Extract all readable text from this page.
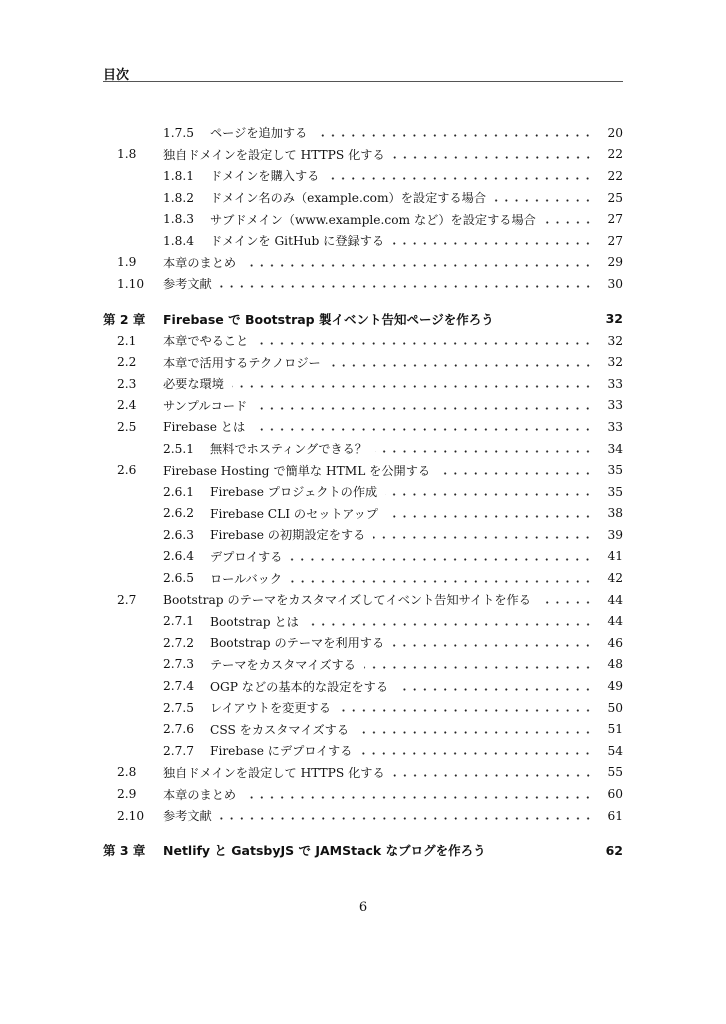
目次
1.7.5	ページを追加する	20
1.8	独自ドメインを設定して HTTPS 化する	22
1.8.1	ドメインを購入する	22
1.8.2	ドメイン名のみ（example.com）を設定する場合	25
1.8.3	サブドメイン（www.example.com など）を設定する場合	27
1.8.4	ドメインを GitHub に登録する	27
1.9	本章のまとめ	29
1.10	参考文献	30
第 2 章	Firebase で Bootstrap 製イベント告知ページを作ろう	32
2.1	本章でやること	32
2.2	本章で活用するテクノロジー	32
2.3	必要な環境	33
2.4	サンプルコード	33
2.5	Firebase とは	33
2.5.1	無料でホスティングできる？	34
2.6	Firebase Hosting で簡単な HTML を公開する	35
2.6.1	Firebase プロジェクトの作成	35
2.6.2	Firebase CLI のセットアップ	38
2.6.3	Firebase の初期設定をする	39
2.6.4	デプロイする	41
2.6.5	ロールバック	42
2.7	Bootstrap のテーマをカスタマイズしてイベント告知サイトを作る	44
2.7.1	Bootstrap とは	44
2.7.2	Bootstrap のテーマを利用する	46
2.7.3	テーマをカスタマイズする	48
2.7.4	OGP などの基本的な設定をする	49
2.7.5	レイアウトを変更する	50
2.7.6	CSS をカスタマイズする	51
2.7.7	Firebase にデプロイする	54
2.8	独自ドメインを設定して HTTPS 化する	55
2.9	本章のまとめ	60
2.10	参考文献	61
第 3 章	Netlify と GatsbyJS で JAMStack なブログを作ろう	62
6
